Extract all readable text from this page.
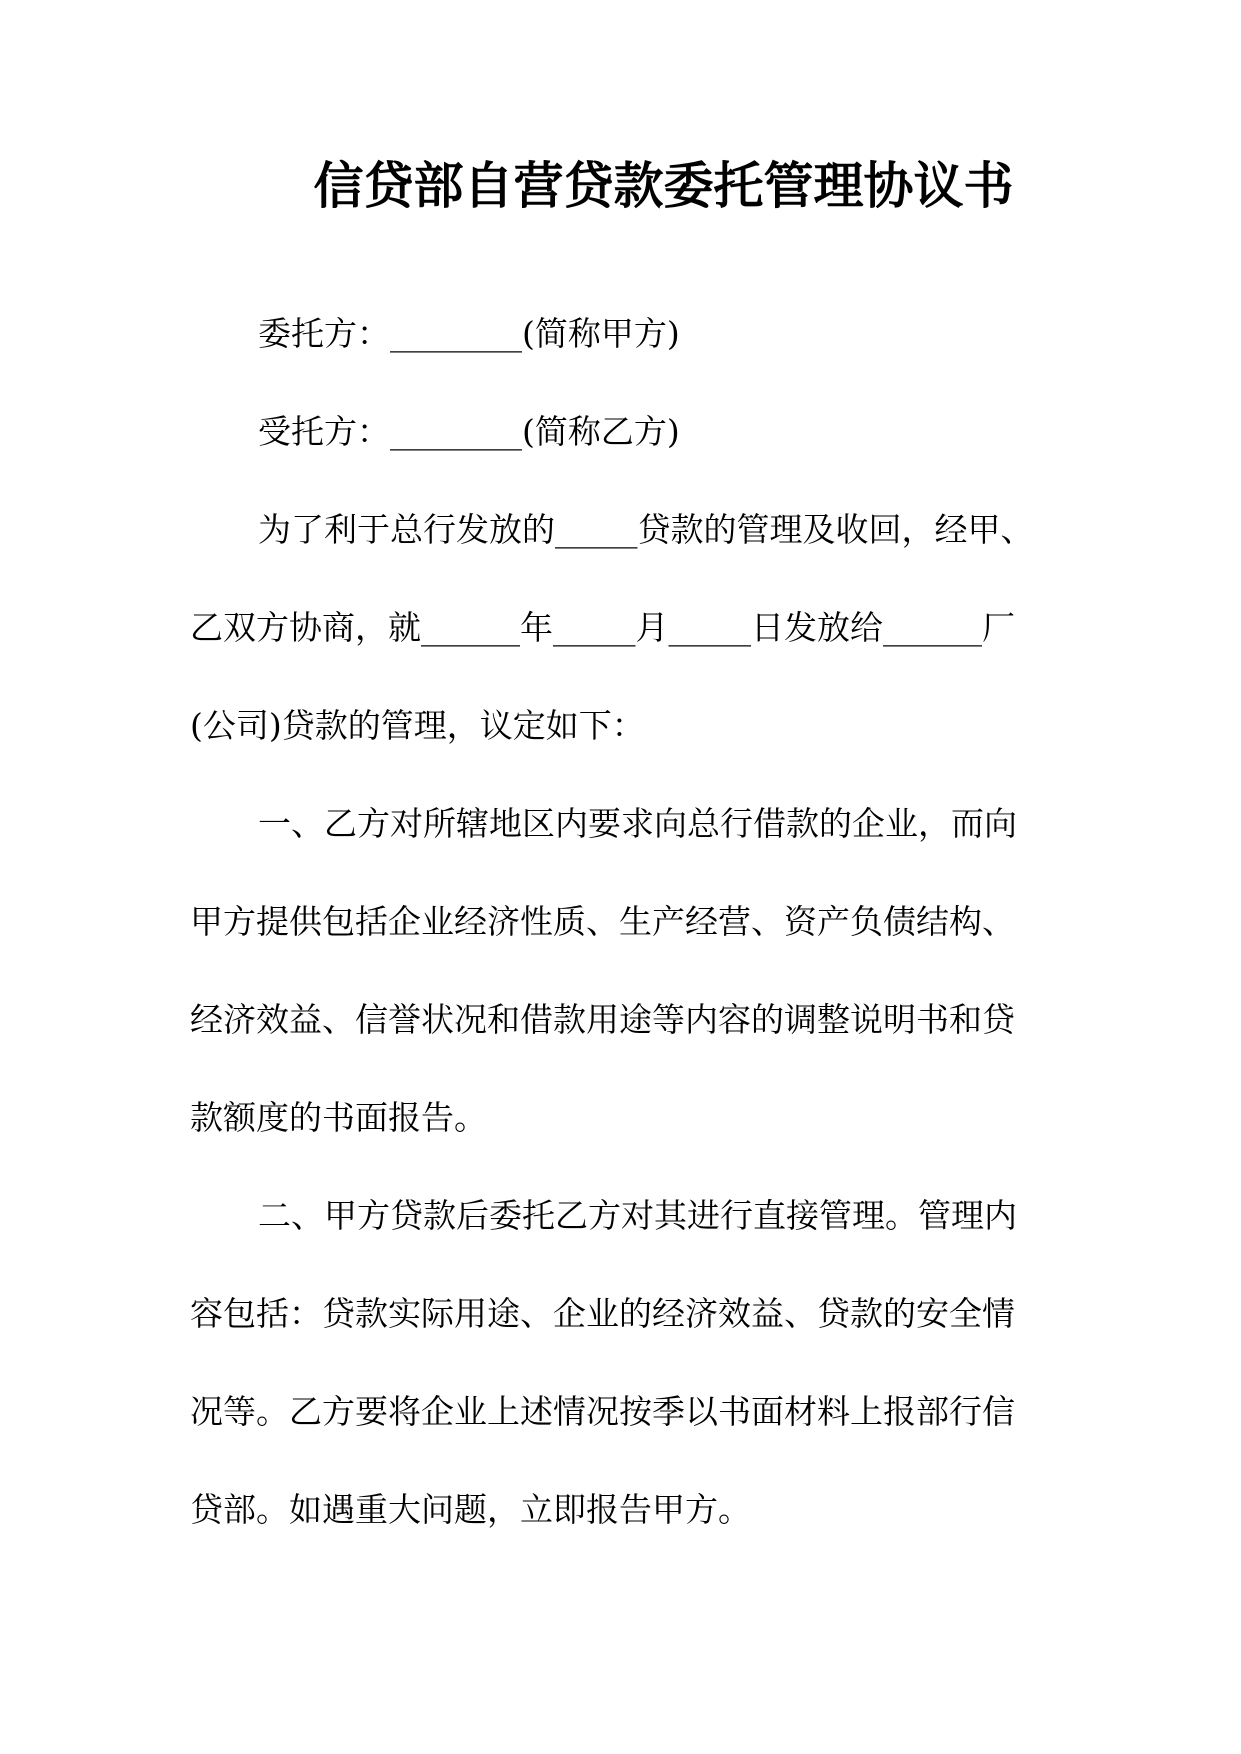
信贷部自营贷款委托管理协议书
委托方：________(简称甲方)
受托方：________(简称乙方)
为了利于总行发放的_____贷款的管理及收回，经甲、
乙双方协商，就______年_____月_____日发放给______厂
(公司)贷款的管理，议定如下：
一、乙方对所辖地区内要求向总行借款的企业，而向
甲方提供包括企业经济性质、生产经营、资产负债结构、
经济效益、信誉状况和借款用途等内容的调整说明书和贷
款额度的书面报告。
二、甲方贷款后委托乙方对其进行直接管理。管理内
容包括：贷款实际用途、企业的经济效益、贷款的安全情
况等。乙方要将企业上述情况按季以书面材料上报部行信
贷部。如遇重大问题，立即报告甲方。
